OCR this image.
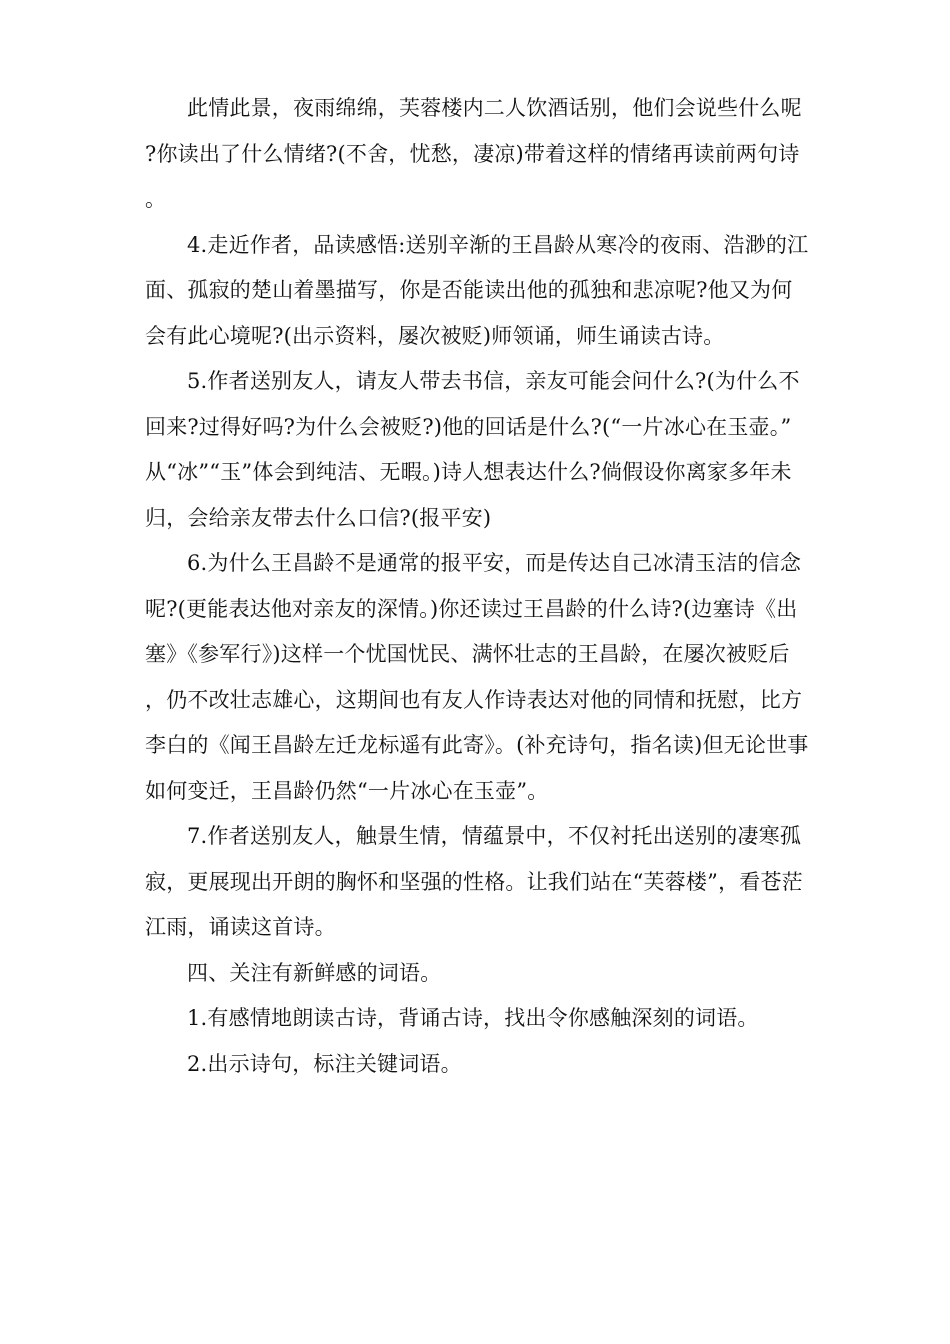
此情此景，夜雨绵绵，芙蓉楼内二人饮酒话别，他们会说些什么呢?你读出了什么情绪?(不舍，忧愁，凄凉)带着这样的情绪再读前两句诗。

4.走近作者，品读感悟:送别辛渐的王昌龄从寒冷的夜雨、浩渺的江面、孤寂的楚山着墨描写，你是否能读出他的孤独和悲凉呢?他又为何会有此心境呢?(出示资料，屡次被贬)师领诵，师生诵读古诗。

5.作者送别友人，请友人带去书信，亲友可能会问什么?(为什么不回来?过得好吗?为什么会被贬?)他的回话是什么?(“一片冰心在玉壶。”从“冰”“玉”体会到纯洁、无暇。)诗人想表达什么?倘假设你离家多年未归，会给亲友带去什么口信?(报平安)

6.为什么王昌龄不是通常的报平安，而是传达自己冰清玉洁的信念呢?(更能表达他对亲友的深情。)你还读过王昌龄的什么诗?(边塞诗《出塞》《参军行》)这样一个忧国忧民、满怀壮志的王昌龄，在屡次被贬后，仍不改壮志雄心，这期间也有友人作诗表达对他的同情和抚慰，比方李白的《闻王昌龄左迁龙标遥有此寄》。(补充诗句，指名读)但无论世事如何变迁，王昌龄仍然“一片冰心在玉壶”。

7.作者送别友人，触景生情，情蕴景中，不仅衬托出送别的凄寒孤寂，更展现出开朗的胸怀和坚强的性格。让我们站在“芙蓉楼”，看苍茫江雨，诵读这首诗。

四、关注有新鲜感的词语。

1.有感情地朗读古诗，背诵古诗，找出令你感触深刻的词语。

2.出示诗句，标注关键词语。
